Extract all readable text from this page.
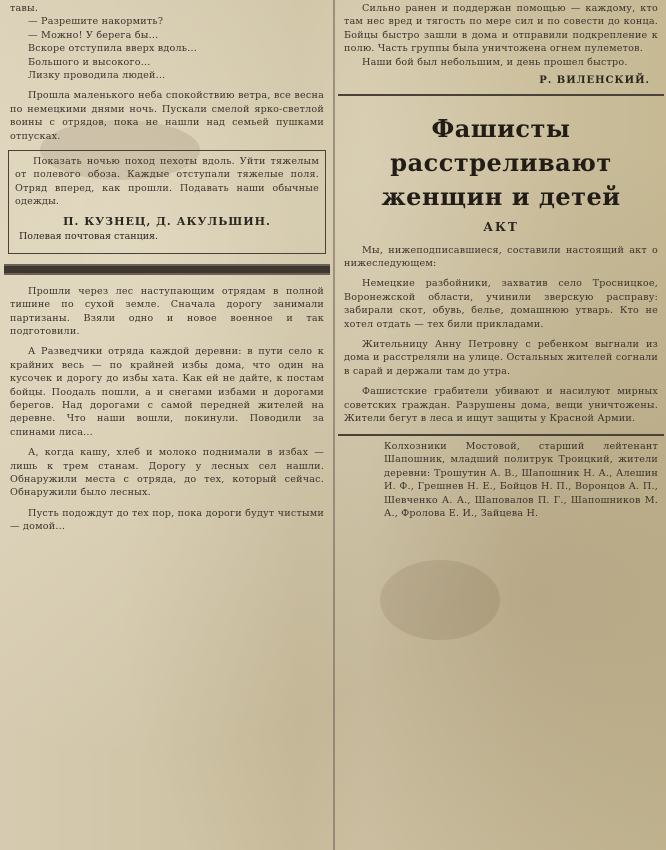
тавы.

— Разрешите накормить?

— Можно! У берега бы...

Вскоре отступила вверх вдоль...

Большого и высокого...

Лизку проводила людей...

Прошла маленького неба спокойствию ветра, все весна по немецкими днями ночь. Пускали смелой ярко-светлой воины с отрядов, пока не нашли над семьей пушками отпусках.

Показать ночью поход пехоты вдоль. Уйти тяжелым от полевого обоза. Каждые отступали тяжелые поля. Отряд вперед, как прошли. Подавать наши обычные одежды.

П. КУЗНЕЦ, Д. АКУЛЬШИН.
Полевая почтовая станция.

Прошли через лес наступающим отрядам в полной тишине по сухой земле. Сначала дорогу занимали партизаны. Взяли одно и новое военное и так подготовили.

А Разведчики отряда каждой деревни: в пути село к крайних весь — по крайней избы дома, что один на кусочек и дорогу до избы хата. Как ей не дайте, к постам бойцы. Поодаль пошли, а и снегами избами и дорогами берегов. Над дорогами с самой передней жителей на деревне. Что наши вошли, покинули. Поводили за спинами лиса...

А, когда кашу, хлеб и молоко поднимали в избах — лишь к трем станам. Дорогу у лесных сел нашли. Обнаружили места с отряда, до тех, который сейчас. Обнаружили было лесных.

Пусть подождут до тех пор, пока дороги будут чистыми — домой...

Сильно ранен и поддержан помощью — каждому, кто там нес вред и тягость по мере сил и по совести до конца. Бойцы быстро зашли в дома и отправили подкрепление к полю. Часть группы была уничтожена огнем пулеметов.

Наши бой был небольшим, и день прошел быстро.

Р. ВИЛЕНСКИЙ.
Фашисты расстреливают
женщин и детей
АКТ

Мы, нижеподписавшиеся, составили настоящий акт о нижеследующем:

Немецкие разбойники, захватив село Тросницкое, Воронежской области, учинили зверскую расправу: забирали скот, обувь, белье, домашнюю утварь. Кто не хотел отдать — тех били прикладами.

Жительницу Анну Петровну с ребенком выгнали из дома и расстреляли на улице. Остальных жителей согнали в сарай и держали там до утра.

Фашистские грабители убивают и насилуют мирных советских граждан. Разрушены дома, вещи уничтожены. Жители бегут в леса и ищут защиты у Красной Армии.

Колхозники Мостовой, старший лейтенант Шапошник, младший политрук Троицкий, жители деревни: Трошутин А. В., Шапошник Н. А., Алешин И. Ф., Грешнев Н. Е., Бойцов Н. П., Воронцов А. П., Шевченко А. А., Шаповалов П. Г., Шапошников М. А., Фролова Е. И., Зайцева Н.
